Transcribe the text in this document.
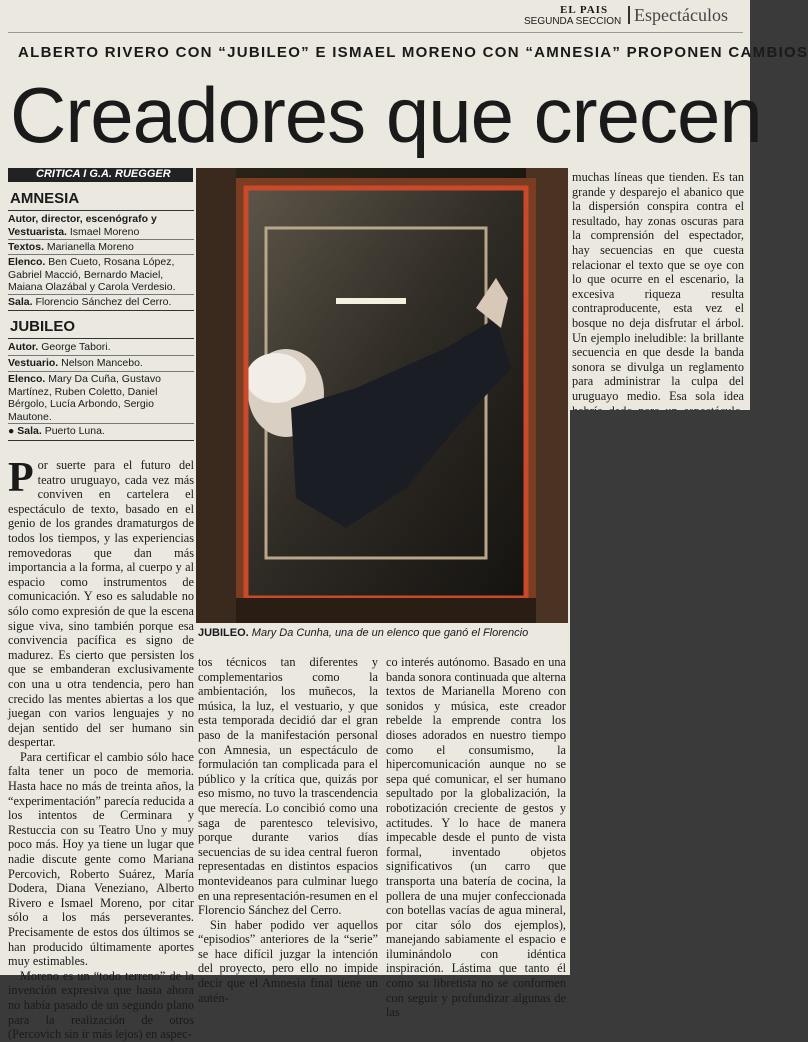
EL PAIS
SEGUNDA SECCION Espectáculos
ALBERTO RIVERO CON “JUBILEO” E ISMAEL MORENO CON “AMNESIA” PROPONEN CAMBIOS
Creadores que crecen
CRITICA I G.A. RUEGGER
AMNESIA
Autor, director, escenógrafo y Vestuarista. Ismael Moreno
Textos. Marianella Moreno
Elenco. Ben Cueto, Rosana López, Gabriel Macció, Bernardo Maciel, Maiana Olazábal y Carola Verdesio.
Sala. Florencio Sánchez del Cerro.
JUBILEO
Autor. George Tabori.
Vestuario. Nelson Mancebo.
Elenco. Mary Da Cuña, Gustavo Martínez, Ruben Coletto, Daniel Bérgolo, Lucía Arbondo, Sergio Mautone.
● Sala. Puerto Luna.

Por suerte para el futuro del teatro uruguayo, cada vez más conviven en cartelera el espectáculo de texto, basado en el genio de los grandes dramaturgos de todos los tiempos, y las experiencias removedoras que dan más importancia a la forma, al cuerpo y al espacio como instrumentos de comunicación. Y eso es saludable no sólo como expresión de que la escena sigue viva, sino también porque esa convivencia pacífica es signo de madurez. Es cierto que persisten los que se embanderan exclusivamente con una u otra tendencia, pero han crecido las mentes abiertas a los que juegan con varios lenguajes y no dejan sentido del ser humano sin despertar.

Para certificar el cambio sólo hace falta tener un poco de memoria. Hasta hace no más de treinta años, la “experimentación” parecía reducida a los intentos de Cerminara y Restuccia con su Teatro Uno y muy poco más. Hoy ya tiene un lugar que nadie discute gente como Mariana Percovich, Roberto Suárez, María Dodera, Diana Veneziano, Alberto Rivero e Ismael Moreno, por citar sólo a los más perseverantes. Precisamente de estos dos últimos se han producido últimamente aportes muy estimables.

Moreno es un “todo terreno” de la invención expresiva que hasta ahora no había pasado de un segundo plano para la realización de otros (Percovich sin ir más lejos) en aspec-

JUBILEO. Mary Da Cunha, una de un elenco que ganó el Florencio

tos técnicos tan diferentes y complementarios como la ambientación, los muñecos, la música, la luz, el vestuario, y que esta temporada decidió dar el gran paso de la manifestación personal con Amnesia, un espectáculo de formulación tan complicada para el público y la crítica que, quizás por eso mismo, no tuvo la trascendencia que merecía. Lo concibió como una saga de parentesco televisivo, porque durante varios días secuencias de su idea central fueron representadas en distintos espacios montevideanos para culminar luego en una representación-resumen en el Florencio Sánchez del Cerro.

Sin haber podido ver aquellos “episodios” anteriores de la “serie” se hace difícil juzgar la intención del proyecto, pero ello no impide decir que el Amnesia final tiene un autén-

co interés autónomo. Basado en una banda sonora continuada que alterna textos de Marianella Moreno con sonidos y música, este creador rebelde la emprende contra los dioses adorados en nuestro tiempo como el consumismo, la hipercomunicación aunque no se sepa qué comunicar, el ser humano sepultado por la globalización, la robotización creciente de gestos y actitudes. Y lo hace de manera impecable desde el punto de vista formal, inventado objetos significativos (un carro que transporta una batería de cocina, la pollera de una mujer confeccionada con botellas vacías de agua mineral, por citar sólo dos ejemplos), manejando sabiamente el espacio e iluminándolo con idéntica inspiración. Lástima que tanto él como su libretista no se conformen con seguir y profundizar algunas de las

muchas líneas que tienden. Es tan grande y desparejo el abanico que la dispersión conspira contra el resultado, hay zonas oscuras para la comprensión del espectador, hay secuencias en que cuesta relacionar el texto que se oye con lo que ocurre en el escenario, la excesiva riqueza resulta contraproducente, esta vez el bosque no deja disfrutar el árbol. Un ejemplo ineludible: la brillante secuencia en que desde la banda sonora se divulga un reglamento para administrar la culpa del uruguayo medio. Esa sola idea
